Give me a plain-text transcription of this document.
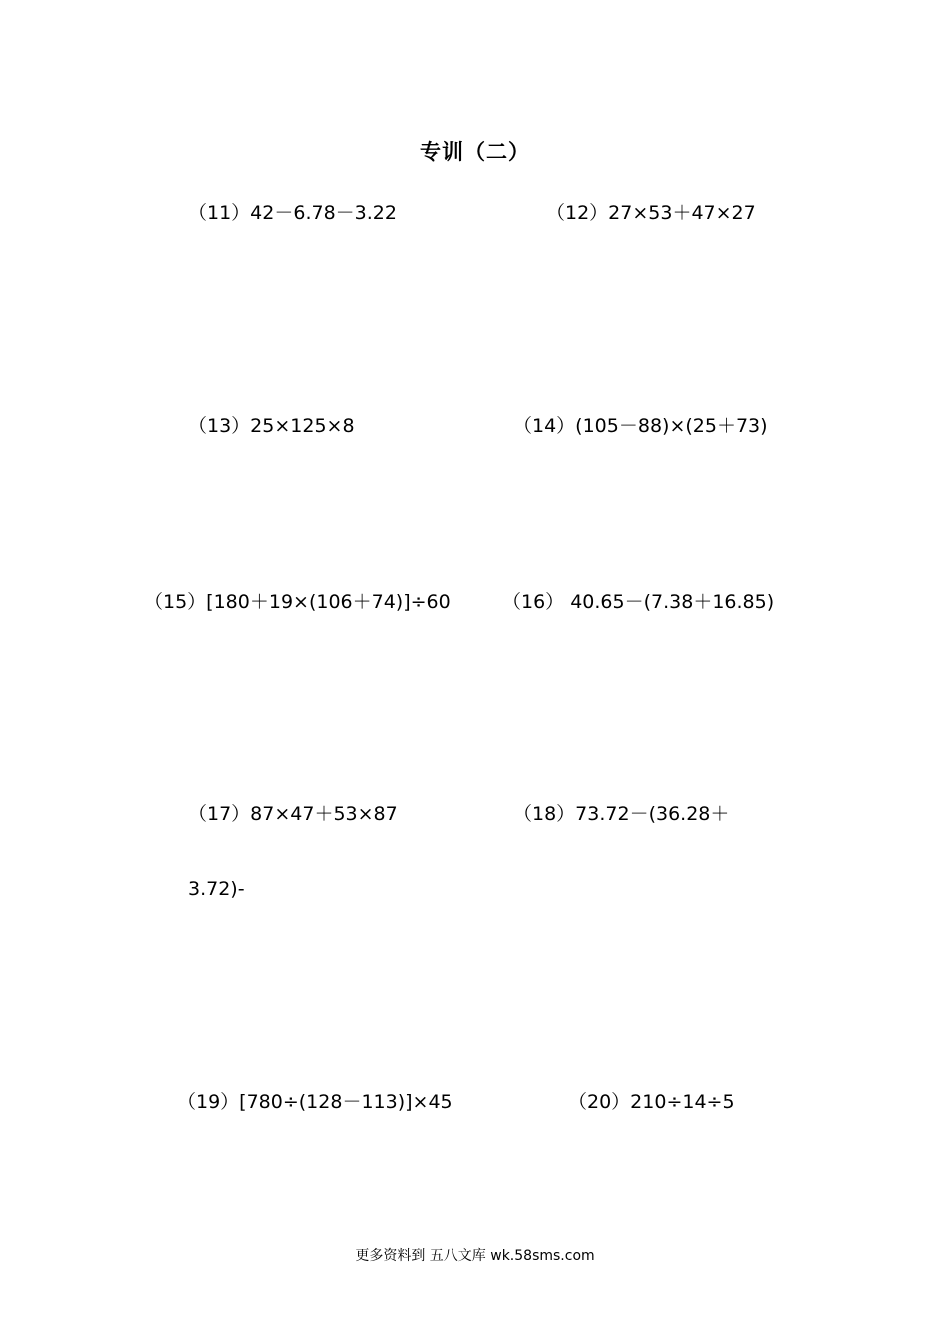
专训（二）
（11）42－6.78－3.22	（12）27×53＋47×27
（13）25×125×8	（14）(105－88)×(25＋73)
（15）[180＋19×(106＋74)]÷60	（16） 40.65－(7.38＋16.85)
（17）87×47＋53×87	（18）73.72－(36.28＋
3.72)-
（19）[780÷(128－113)]×45	（20）210÷14÷5
更多资料到 五八文库 wk.58sms.com
